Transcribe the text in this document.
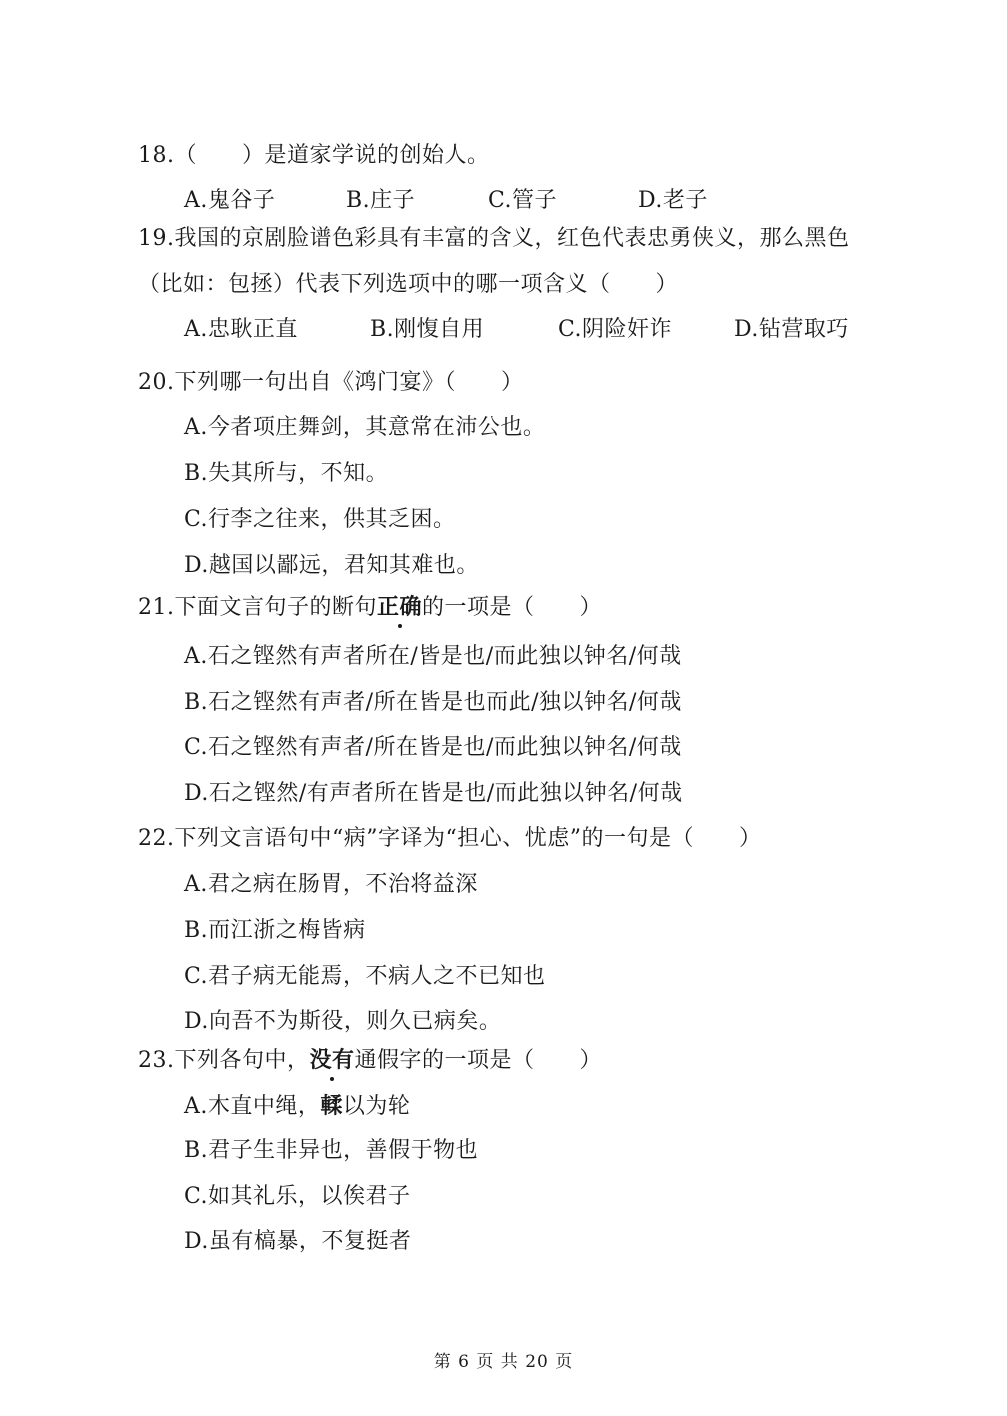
18.（　　）是道家学说的创始人。
A.鬼谷子	B.庄子	C.管子	D.老子
19.我国的京剧脸谱色彩具有丰富的含义，红色代表忠勇侠义，那么黑色
（比如：包拯）代表下列选项中的哪一项含义（　　）
A.忠耿正直	B.刚愎自用	C.阴险奸诈	D.钻营取巧
20.下列哪一句出自《鸿门宴》（　　）
A.今者项庄舞剑，其意常在沛公也。
B.失其所与，不知。
C.行李之往来，供其乏困。
D.越国以鄙远，君知其难也。
21.下面文言句子的断句正确的一项是（　　）
A.石之铿然有声者所在/皆是也/而此独以钟名/何哉
B.石之铿然有声者/所在皆是也而此/独以钟名/何哉
C.石之铿然有声者/所在皆是也/而此独以钟名/何哉
D.石之铿然/有声者所在皆是也/而此独以钟名/何哉
22.下列文言语句中“病”字译为“担心、忧虑”的一句是（　　）
A.君之病在肠胃，不治将益深
B.而江浙之梅皆病
C.君子病无能焉，不病人之不已知也
D.向吾不为斯役，则久已病矣。
23.下列各句中，没有通假字的一项是（　　）
A.木直中绳，輮以为轮
B.君子生非异也，善假于物也
C.如其礼乐，以俟君子
D.虽有槁暴，不复挺者
第 6 页 共 20 页
